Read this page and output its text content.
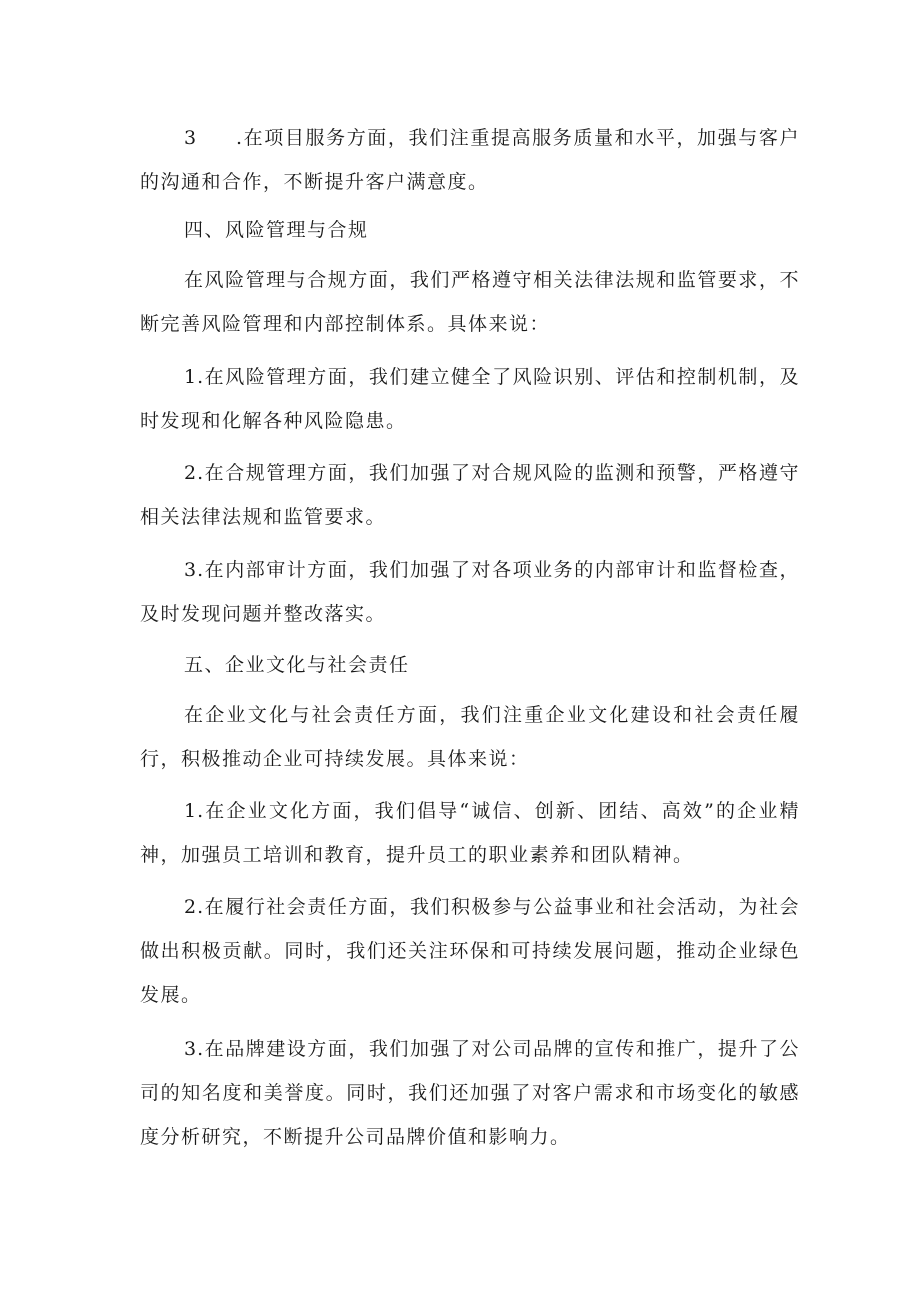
3 .在项目服务方面，我们注重提高服务质量和水平，加强与客户的沟通和合作，不断提升客户满意度。

四、风险管理与合规

在风险管理与合规方面，我们严格遵守相关法律法规和监管要求，不断完善风险管理和内部控制体系。具体来说：

1.在风险管理方面，我们建立健全了风险识别、评估和控制机制，及时发现和化解各种风险隐患。

2.在合规管理方面，我们加强了对合规风险的监测和预警，严格遵守相关法律法规和监管要求。

3.在内部审计方面，我们加强了对各项业务的内部审计和监督检查，及时发现问题并整改落实。

五、企业文化与社会责任

在企业文化与社会责任方面，我们注重企业文化建设和社会责任履行，积极推动企业可持续发展。具体来说：

1.在企业文化方面，我们倡导“诚信、创新、团结、高效”的企业精神，加强员工培训和教育，提升员工的职业素养和团队精神。

2.在履行社会责任方面，我们积极参与公益事业和社会活动，为社会做出积极贡献。同时，我们还关注环保和可持续发展问题，推动企业绿色发展。

3.在品牌建设方面，我们加强了对公司品牌的宣传和推广，提升了公司的知名度和美誉度。同时，我们还加强了对客户需求和市场变化的敏感度分析研究，不断提升公司品牌价值和影响力。
